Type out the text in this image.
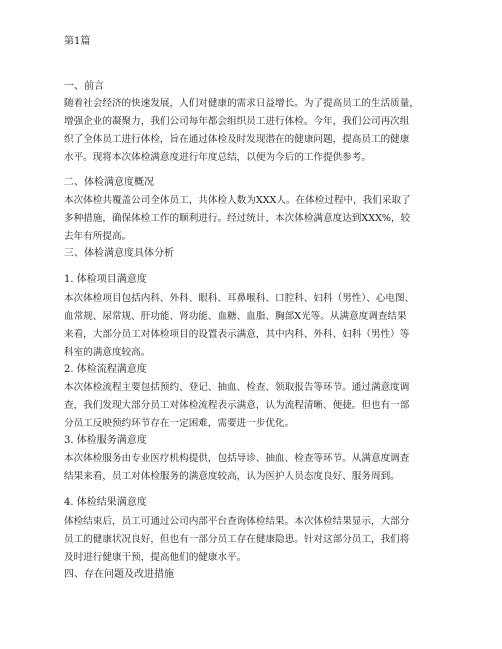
第1篇

一、前言

随着社会经济的快速发展，人们对健康的需求日益增长。为了提高员工的生活质量，
增强企业的凝聚力，我们公司每年都会组织员工进行体检。今年，我们公司再次组
织了全体员工进行体检，旨在通过体检及时发现潜在的健康问题，提高员工的健康
水平。现将本次体检满意度进行年度总结，以便为今后的工作提供参考。

二、体检满意度概况

本次体检共覆盖公司全体员工，共体检人数为XXX人。在体检过程中，我们采取了
多种措施，确保体检工作的顺利进行。经过统计，本次体检满意度达到XXX%，较
去年有所提高。

三、体检满意度具体分析

1. 体检项目满意度

本次体检项目包括内科、外科、眼科、耳鼻喉科、口腔科、妇科（男性）、心电图、
血常规、尿常规、肝功能、肾功能、血糖、血脂、胸部X光等。从满意度调查结果
来看，大部分员工对体检项目的设置表示满意，其中内科、外科、妇科（男性）等
科室的满意度较高。

2. 体检流程满意度

本次体检流程主要包括预约、登记、抽血、检查、领取报告等环节。通过满意度调
查，我们发现大部分员工对体检流程表示满意，认为流程清晰、便捷。但也有一部
分员工反映预约环节存在一定困难，需要进一步优化。

3. 体检服务满意度

本次体检服务由专业医疗机构提供，包括导诊、抽血、检查等环节。从满意度调查
结果来看，员工对体检服务的满意度较高，认为医护人员态度良好、服务周到。

4. 体检结果满意度

体检结束后，员工可通过公司内部平台查询体检结果。本次体检结果显示，大部分
员工的健康状况良好，但也有一部分员工存在健康隐患。针对这部分员工，我们将
及时进行健康干预，提高他们的健康水平。

四、存在问题及改进措施
